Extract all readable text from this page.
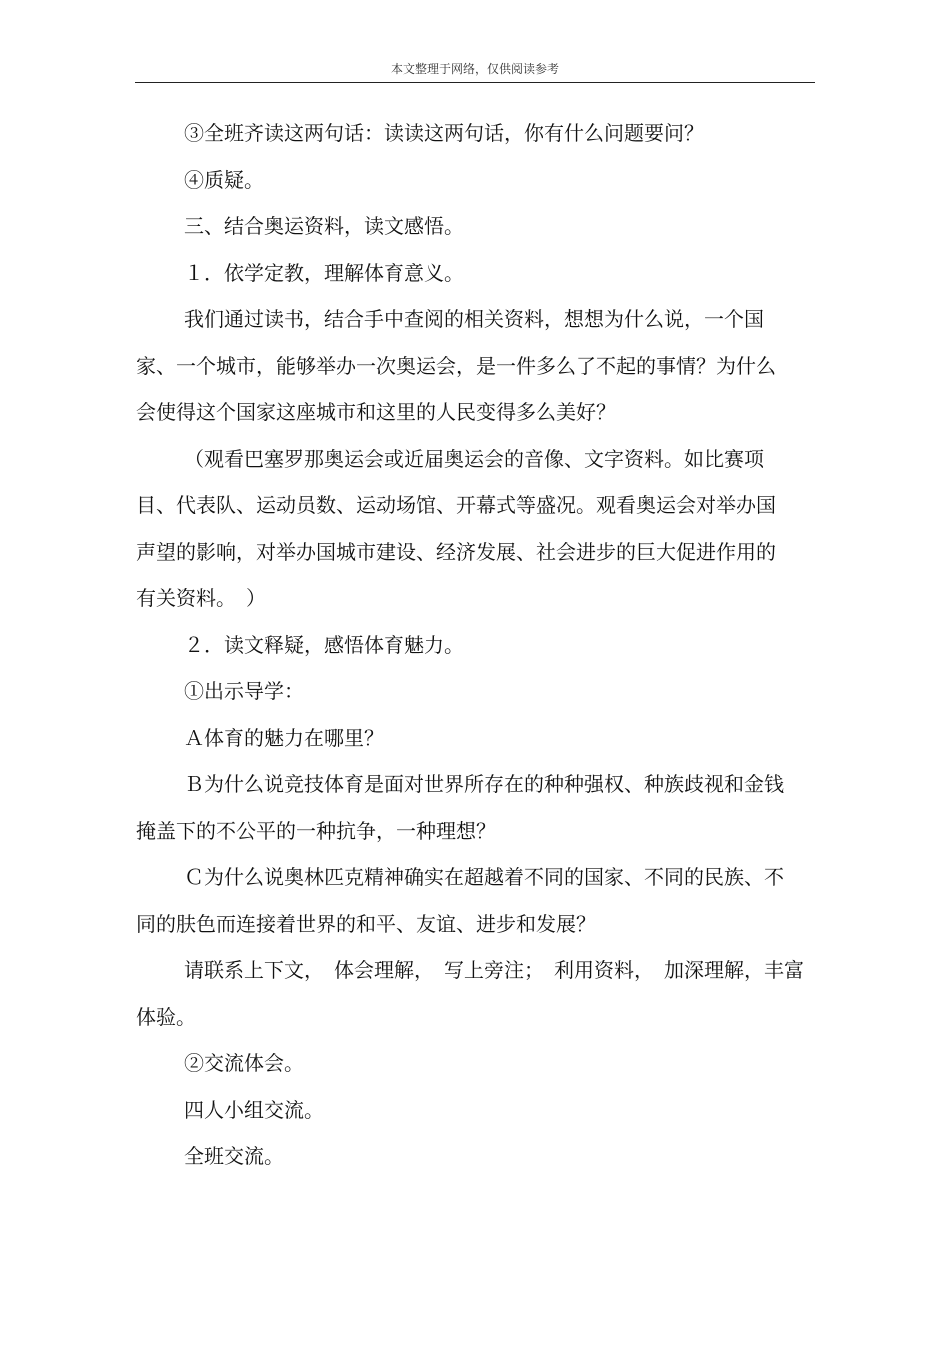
本文整理于网络，仅供阅读参考

③全班齐读这两句话：读读这两句话，你有什么问题要问？

④质疑。

三、结合奥运资料，读文感悟。

１．依学定教，理解体育意义。

我们通过读书，结合手中查阅的相关资料，想想为什么说，一个国家、一个城市，能够举办一次奥运会，是一件多么了不起的事情？为什么会使得这个国家这座城市和这里的人民变得多么美好？

（观看巴塞罗那奥运会或近届奥运会的音像、文字资料。如比赛项目、代表队、运动员数、运动场馆、开幕式等盛况。观看奥运会对举办国声望的影响，对举办国城市建设、经济发展、社会进步的巨大促进作用的有关资料。　）

２．读文释疑，感悟体育魅力。

①出示导学：

Ａ体育的魅力在哪里？

Ｂ为什么说竞技体育是面对世界所存在的种种强权、种族歧视和金钱掩盖下的不公平的一种抗争，一种理想？

Ｃ为什么说奥林匹克精神确实在超越着不同的国家、不同的民族、不同的肤色而连接着世界的和平、友谊、进步和发展？

请联系上下文，　体会理解，　写上旁注；　利用资料，　加深理解，丰富体验。

②交流体会。

四人小组交流。

全班交流。
